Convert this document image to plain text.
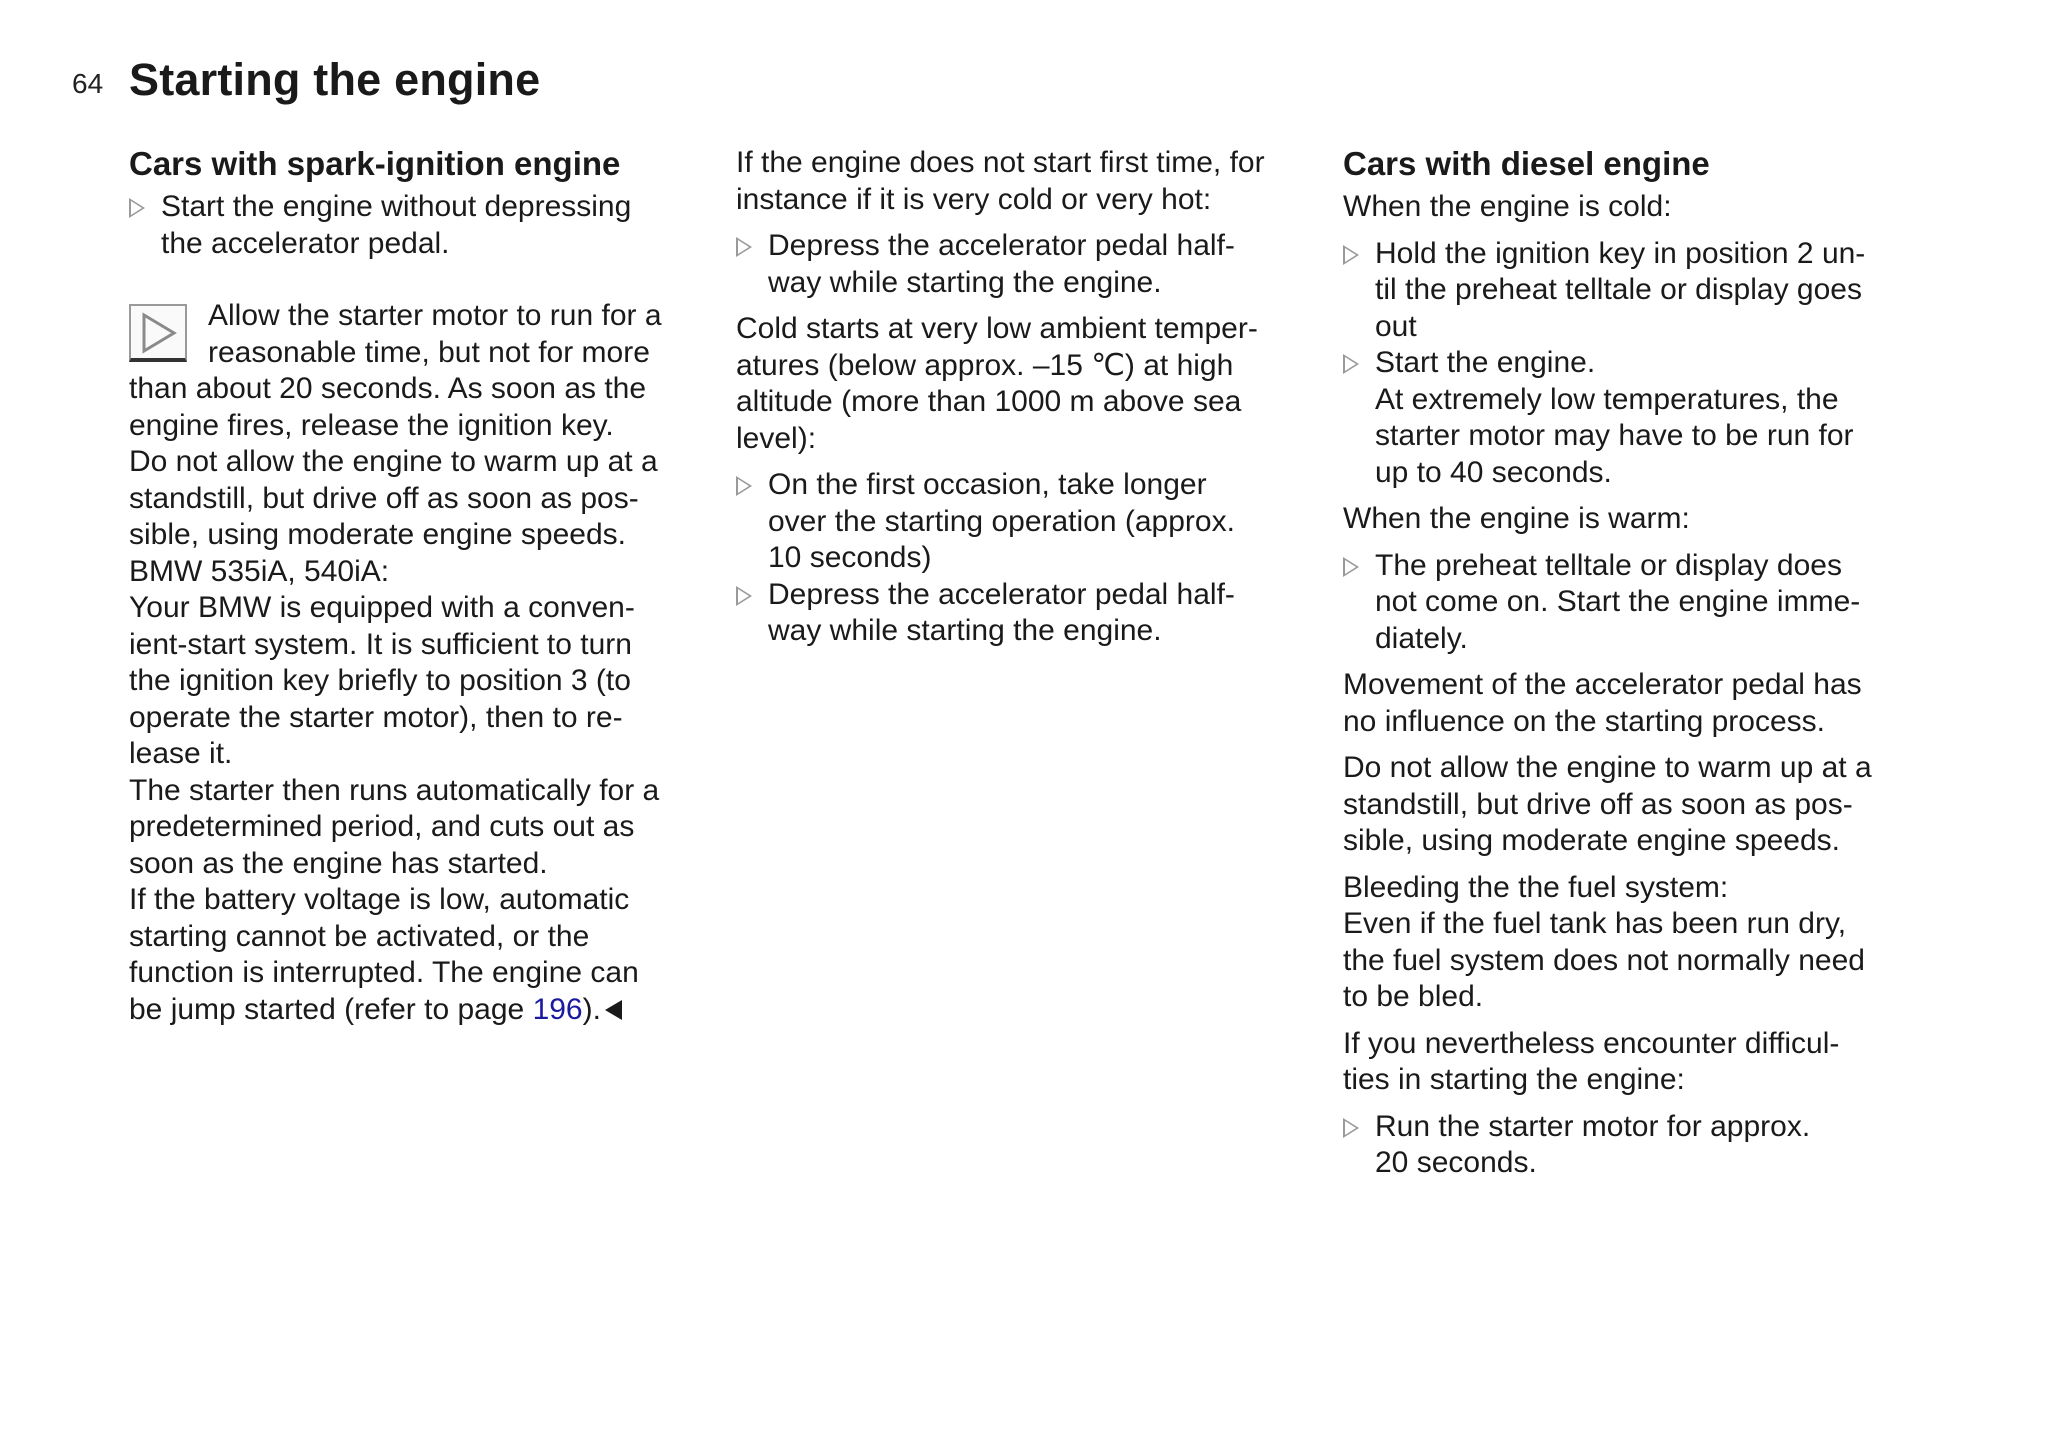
64 Starting the engine
Cars with spark-ignition engine
Start the engine without depressing
the accelerator pedal.
Allow the starter motor to run for a
reasonable time, but not for more
than about 20 seconds. As soon as the
engine fires, release the ignition key.
Do not allow the engine to warm up at a
standstill, but drive off as soon as pos-
sible, using moderate engine speeds.
BMW 535iA, 540iA:
Your BMW is equipped with a conven-
ient-start system. It is sufficient to turn
the ignition key briefly to position 3 (to
operate the starter motor), then to re-
lease it.
The starter then runs automatically for a
predetermined period, and cuts out as
soon as the engine has started.
If the battery voltage is low, automatic
starting cannot be activated, or the
function is interrupted. The engine can
be jump started (refer to page 196).
If the engine does not start first time, for
instance if it is very cold or very hot:
Depress the accelerator pedal half-
way while starting the engine.
Cold starts at very low ambient temper-
atures (below approx. –15 ℃) at high
altitude (more than 1000 m above sea
level):
On the first occasion, take longer
over the starting operation (approx.
10 seconds)
Depress the accelerator pedal half-
way while starting the engine.
Cars with diesel engine
When the engine is cold:
Hold the ignition key in position 2 un-
til the preheat telltale or display goes
out
Start the engine.
At extremely low temperatures, the
starter motor may have to be run for
up to 40 seconds.
When the engine is warm:
The preheat telltale or display does
not come on. Start the engine imme-
diately.
Movement of the accelerator pedal has
no influence on the starting process.
Do not allow the engine to warm up at a
standstill, but drive off as soon as pos-
sible, using moderate engine speeds.
Bleeding the the fuel system:
Even if the fuel tank has been run dry,
the fuel system does not normally need
to be bled.
If you nevertheless encounter difficul-
ties in starting the engine:
Run the starter motor for approx.
20 seconds.
